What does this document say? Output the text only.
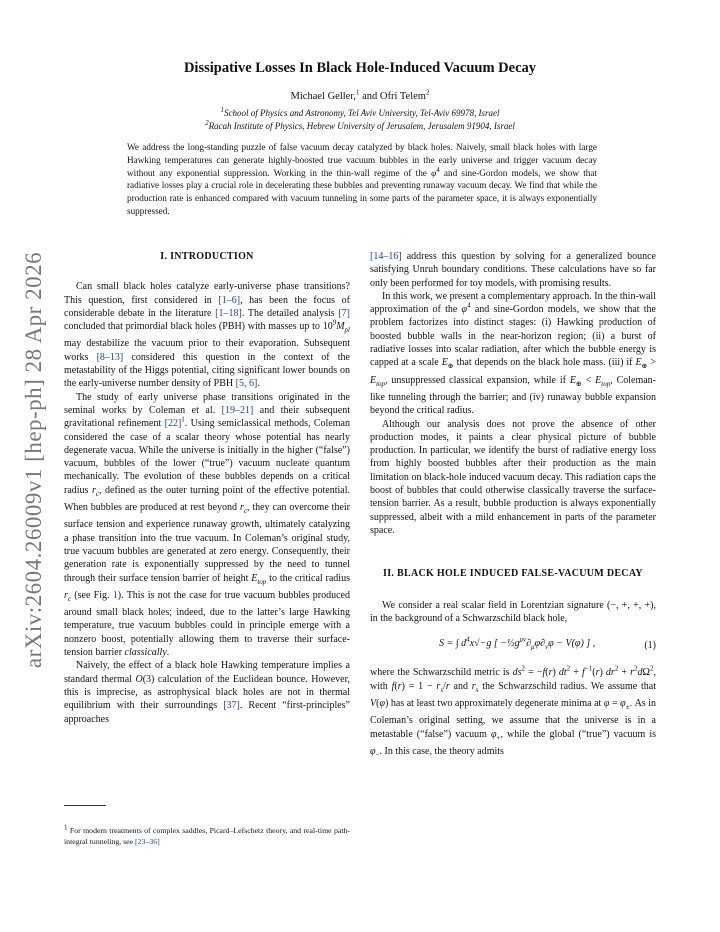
arXiv:2604.26009v1 [hep-ph] 28 Apr 2026
Dissipative Losses In Black Hole-Induced Vacuum Decay
Michael Geller,$^1$ and Ofri Telem$^2$
$^1$School of Physics and Astronomy, Tel Aviv University, Tel-Aviv 69978, Israel
$^2$Racah Institute of Physics, Hebrew University of Jerusalem, Jerusalem 91904, Israel
We address the long-standing puzzle of false vacuum decay catalyzed by black holes. Naively, small black holes with large Hawking temperatures can generate highly-boosted true vacuum bubbles in the early universe and trigger vacuum decay without any exponential suppression. Working in the thin-wall regime of the $\varphi^4$ and sine-Gordon models, we show that radiative losses play a crucial role in decelerating these bubbles and preventing runaway vacuum decay. We find that while the production rate is enhanced compared with vacuum tunneling in some parts of the parameter space, it is always exponentially suppressed.
I. INTRODUCTION

Can small black holes catalyze early-universe phase transitions? This question, first considered in [1–6], has been the focus of considerable debate in the literature [1–18]. The detailed analysis [7] concluded that primordial black holes (PBH) with masses up to $10^9M_{pl}$ may destabilize the vacuum prior to their evaporation. Subsequent works [8–13] considered this question in the context of the metastability of the Higgs potential, citing significant lower bounds on the early-universe number density of PBH [5, 6].

The study of early universe phase transitions originated in the seminal works by Coleman et al. [19–21] and their subsequent gravitational refinement $[22]^1$. Using semiclassical methods, Coleman considered the case of a scalar theory whose potential has nearly degenerate vacua. While the universe is initially in the higher (“false”) vacuum, bubbles of the lower (“true”) vacuum nucleate quantum mechanically. The evolution of these bubbles depends on a critical radius $r_c$, defined as the outer turning point of the effective potential. When bubbles are produced at rest beyond $r_c$, they can overcome their surface tension and experience runaway growth, ultimately catalyzing a phase transition into the true vacuum. In Coleman’s original study, true vacuum bubbles are generated at zero energy. Consequently, their generation rate is exponentially suppressed by the need to tunnel through their surface tension barrier of height $E_{top}$ to the critical radius $r_c$ (see Fig. 1). This is not the case for true vacuum bubbles produced around small black holes; indeed, due to the latter’s large Hawking temperature, true vacuum bubbles could in principle emerge with a nonzero boost, potentially allowing them to traverse their surface-tension barrier classically.

Naively, the effect of a black hole Hawking temperature implies a standard thermal O(3) calculation of the Euclidean bounce. However, this is imprecise, as astrophysical black holes are not in thermal equilibrium with their surroundings [37]. Recent “first-principles” approaches

$^1$ For modern treatments of complex saddles, Picard–Lefschetz theory, and real-time path-integral tunneling, see [23–36]

[14–16] address this question by solving for a generalized bounce satisfying Unruh boundary conditions. These calculations have so far only been performed for toy models, with promising results.

In this work, we present a complementary approach. In the thin-wall approximation of the $\varphi^4$ and sine-Gordon models, we show that the problem factorizes into distinct stages: (i) Hawking production of boosted bubble walls in the near-horizon region; (ii) a burst of radiative losses into scalar radiation, after which the bubble energy is capped at a scale $E_\oplus$ that depends on the black hole mass. (iii) if $E_\oplus > E_{top}$, unsuppressed classical expansion, while if $E_\oplus < E_{top}$, Coleman-like tunneling through the barrier; and (iv) runaway bubble expansion beyond the critical radius.

Although our analysis does not prove the absence of other production modes, it paints a clear physical picture of bubble production. In particular, we identify the burst of radiative energy loss from highly boosted bubbles after their production as the main limitation on black-hole induced vacuum decay. This radiation caps the boost of bubbles that could otherwise classically traverse the surface-tension barrier. As a result, bubble production is always exponentially suppressed, albeit with a mild enhancement in parts of the parameter space.

II. BLACK HOLE INDUCED FALSE-VACUUM DECAY

We consider a real scalar field in Lorentzian signature (−, +, +, +), in the background of a Schwarzschild black hole,

S = ∫ $d^4x√-g$ [ $-\frac{1}{2}g^{\mu\nu}\partial_\mu\varphi\partial_\nu\varphi - V(\varphi)$ ] ,	(1)

where the Schwarzschild metric is $ds^2 = -f(r) dt^2 + f^{-1}(r) dr^2 + r^2d\Omega^2$, with $f(r) = 1 - r_s/r$ and $r_s$ the Schwarzschild radius. We assume that V(φ) has at least two approximately degenerate minima at $\varphi = \varphi_\pm$. As in Coleman’s original setting, we assume that the universe is in a metastable (“false”) vacuum $\varphi_+$, while the global (“true”) vacuum is $\varphi_-$. In this case, the theory admits
